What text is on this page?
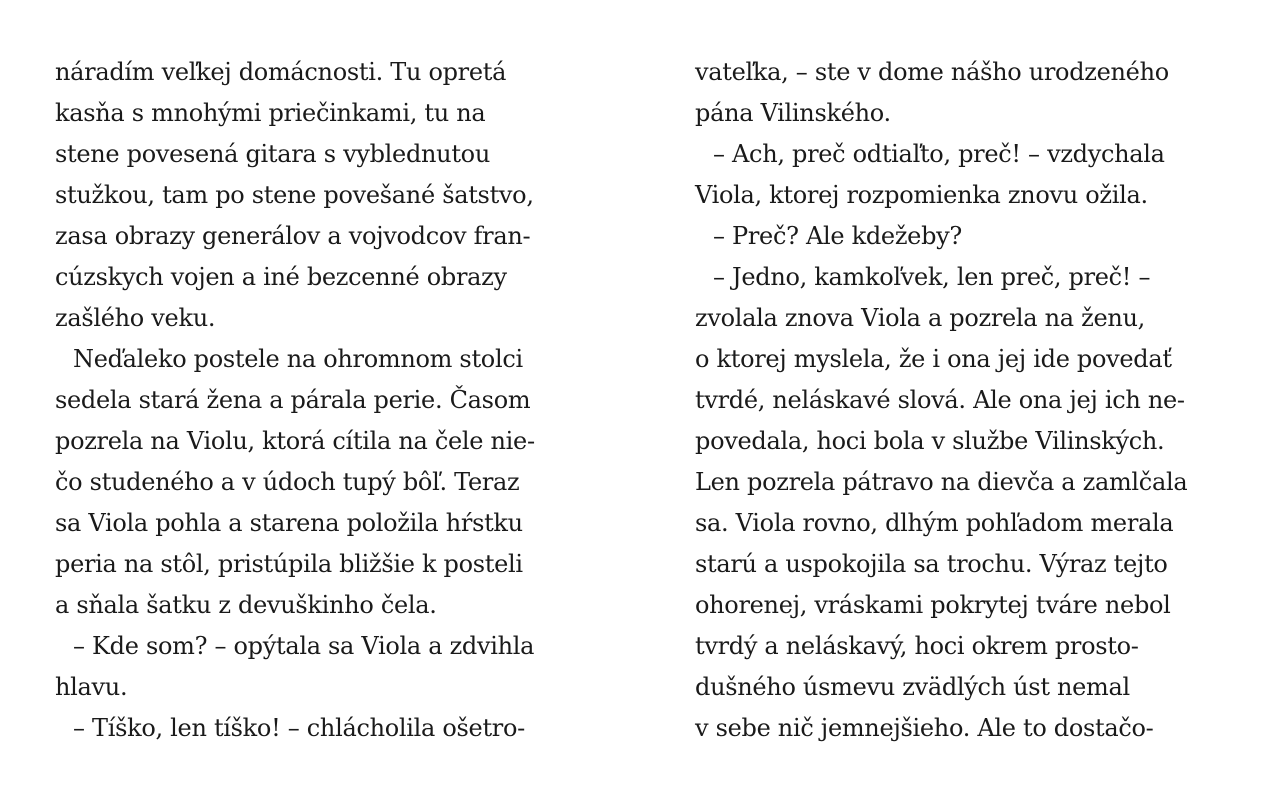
náradím veľkej domácnosti. Tu opretá
kasňa s mnohými priečinkami, tu na
stene povesená gitara s vyblednutou
stužkou, tam po stene povešané šatstvo,
zasa obrazy generálov a vojvodcov fran-
cúzskych vojen a iné bezcenné obrazy
zašlého veku.
Neďaleko postele na ohromnom stolci
sedela stará žena a párala perie. Časom
pozrela na Violu, ktorá cítila na čele nie-
čo studeného a v údoch tupý bôľ. Teraz
sa Viola pohla a starena položila hŕstku
peria na stôl, pristúpila bližšie k posteli
a sňala šatku z devuškinho čela.
– Kde som? – opýtala sa Viola a zdvihla
hlavu.
– Tíško, len tíško! – chlácholila ošetro-
vateľka, – ste v dome nášho urodzeného
pána Vilinského.
– Ach, preč odtiaľto, preč! – vzdychala
Viola, ktorej rozpomienka znovu ožila.
– Preč? Ale kdežeby?
– Jedno, kamkoľvek, len preč, preč! –
zvolala znova Viola a pozrela na ženu,
o ktorej myslela, že i ona jej ide povedať
tvrdé, neláskavé slová. Ale ona jej ich ne-
povedala, hoci bola v službe Vilinských.
Len pozrela pátravo na dievča a zamlčala
sa. Viola rovno, dlhým pohľadom merala
starú a uspokojila sa trochu. Výraz tejto
ohorenej, vráskami pokrytej tváre nebol
tvrdý a neláskavý, hoci okrem prosto-
dušného úsmevu zvädlých úst nemal
v sebe nič jemnejšieho. Ale to dostačo-
